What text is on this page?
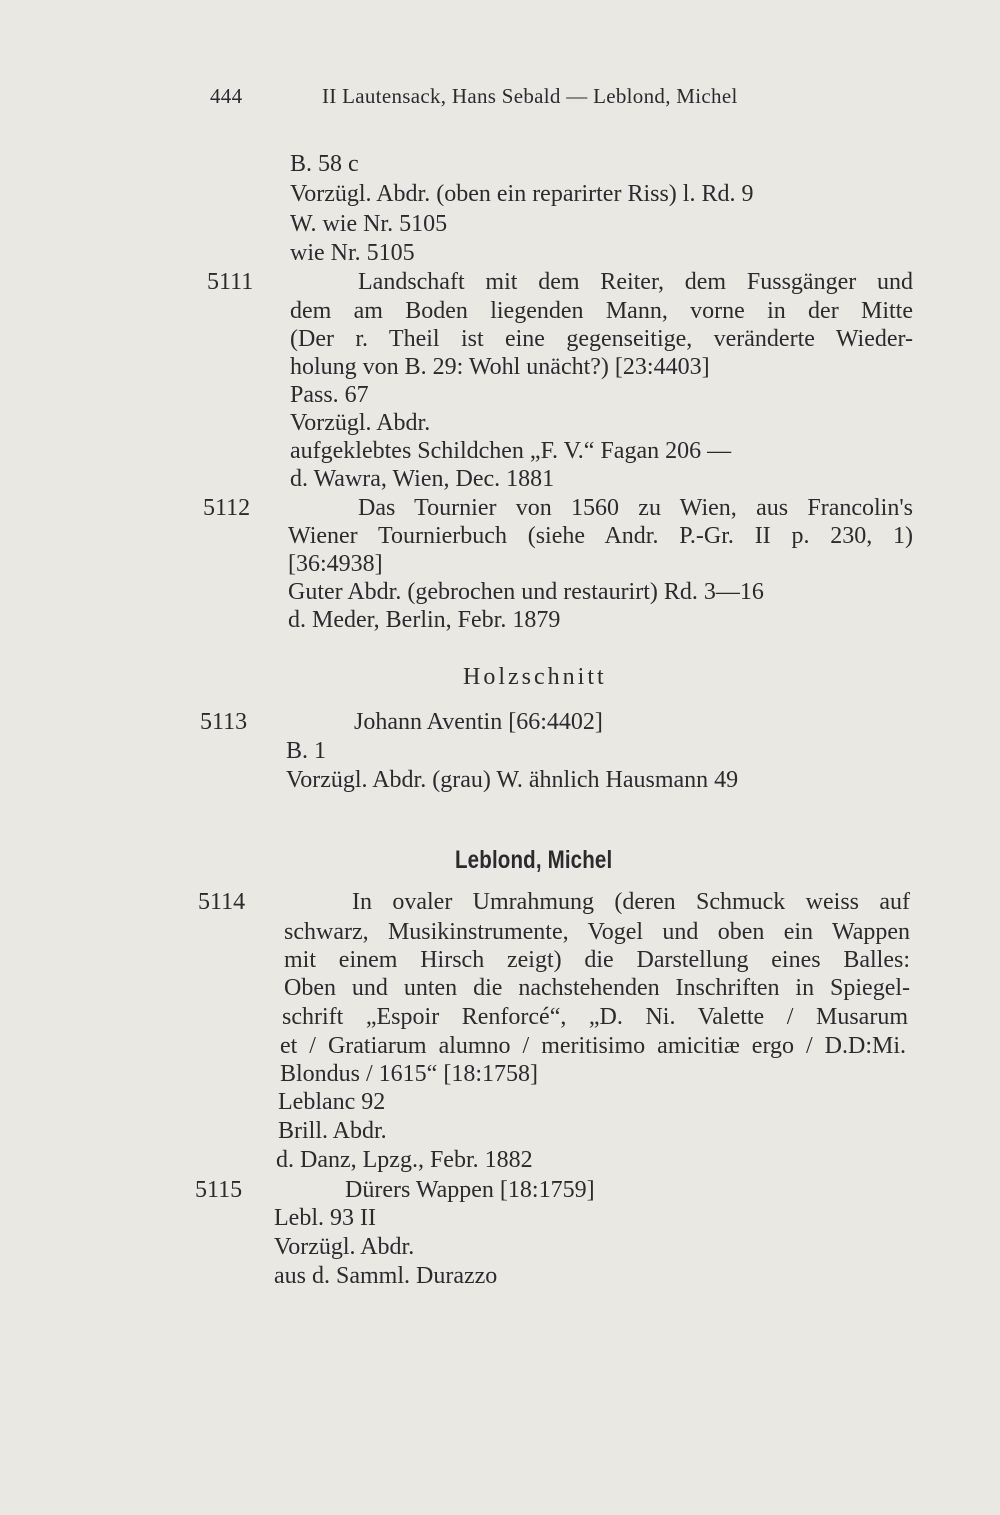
444	II Lautensack, Hans Sebald — Leblond, Michel
B. 58 c
Vorzügl. Abdr. (oben ein reparirter Riss) l. Rd. 9
W. wie Nr. 5105
wie Nr. 5105
5111	Landschaft mit dem Reiter, dem Fussgänger und
dem am Boden liegenden Mann, vorne in der Mitte
(Der r. Theil ist eine gegenseitige, veränderte Wieder-
holung von B. 29: Wohl unächt?) [23:4403]
Pass. 67
Vorzügl. Abdr.
aufgeklebtes Schildchen „F. V.“ Fagan 206 —
d. Wawra, Wien, Dec. 1881
5112	Das Tournier von 1560 zu Wien, aus Francolin's
Wiener Tournierbuch (siehe Andr. P.-Gr. II p. 230, 1)
[36:4938]
Guter Abdr. (gebrochen und restaurirt) Rd. 3—16
d. Meder, Berlin, Febr. 1879
Holzschnitt
5113	Johann Aventin [66:4402]
B. 1
Vorzügl. Abdr. (grau) W. ähnlich Hausmann 49
Leblond, Michel
5114	In ovaler Umrahmung (deren Schmuck weiss auf
schwarz, Musikinstrumente, Vogel und oben ein Wappen
mit einem Hirsch zeigt) die Darstellung eines Balles:
Oben und unten die nachstehenden Inschriften in Spiegel-
schrift „Espoir Renforcé“, „D. Ni. Valette / Musarum
et / Gratiarum alumno / meritisimo amicitiæ ergo / D.D:Mi.
Blondus / 1615“ [18:1758]
Leblanc 92
Brill. Abdr.
d. Danz, Lpzg., Febr. 1882
5115	Dürers Wappen [18:1759]
Lebl. 93 II
Vorzügl. Abdr.
aus d. Samml. Durazzo
